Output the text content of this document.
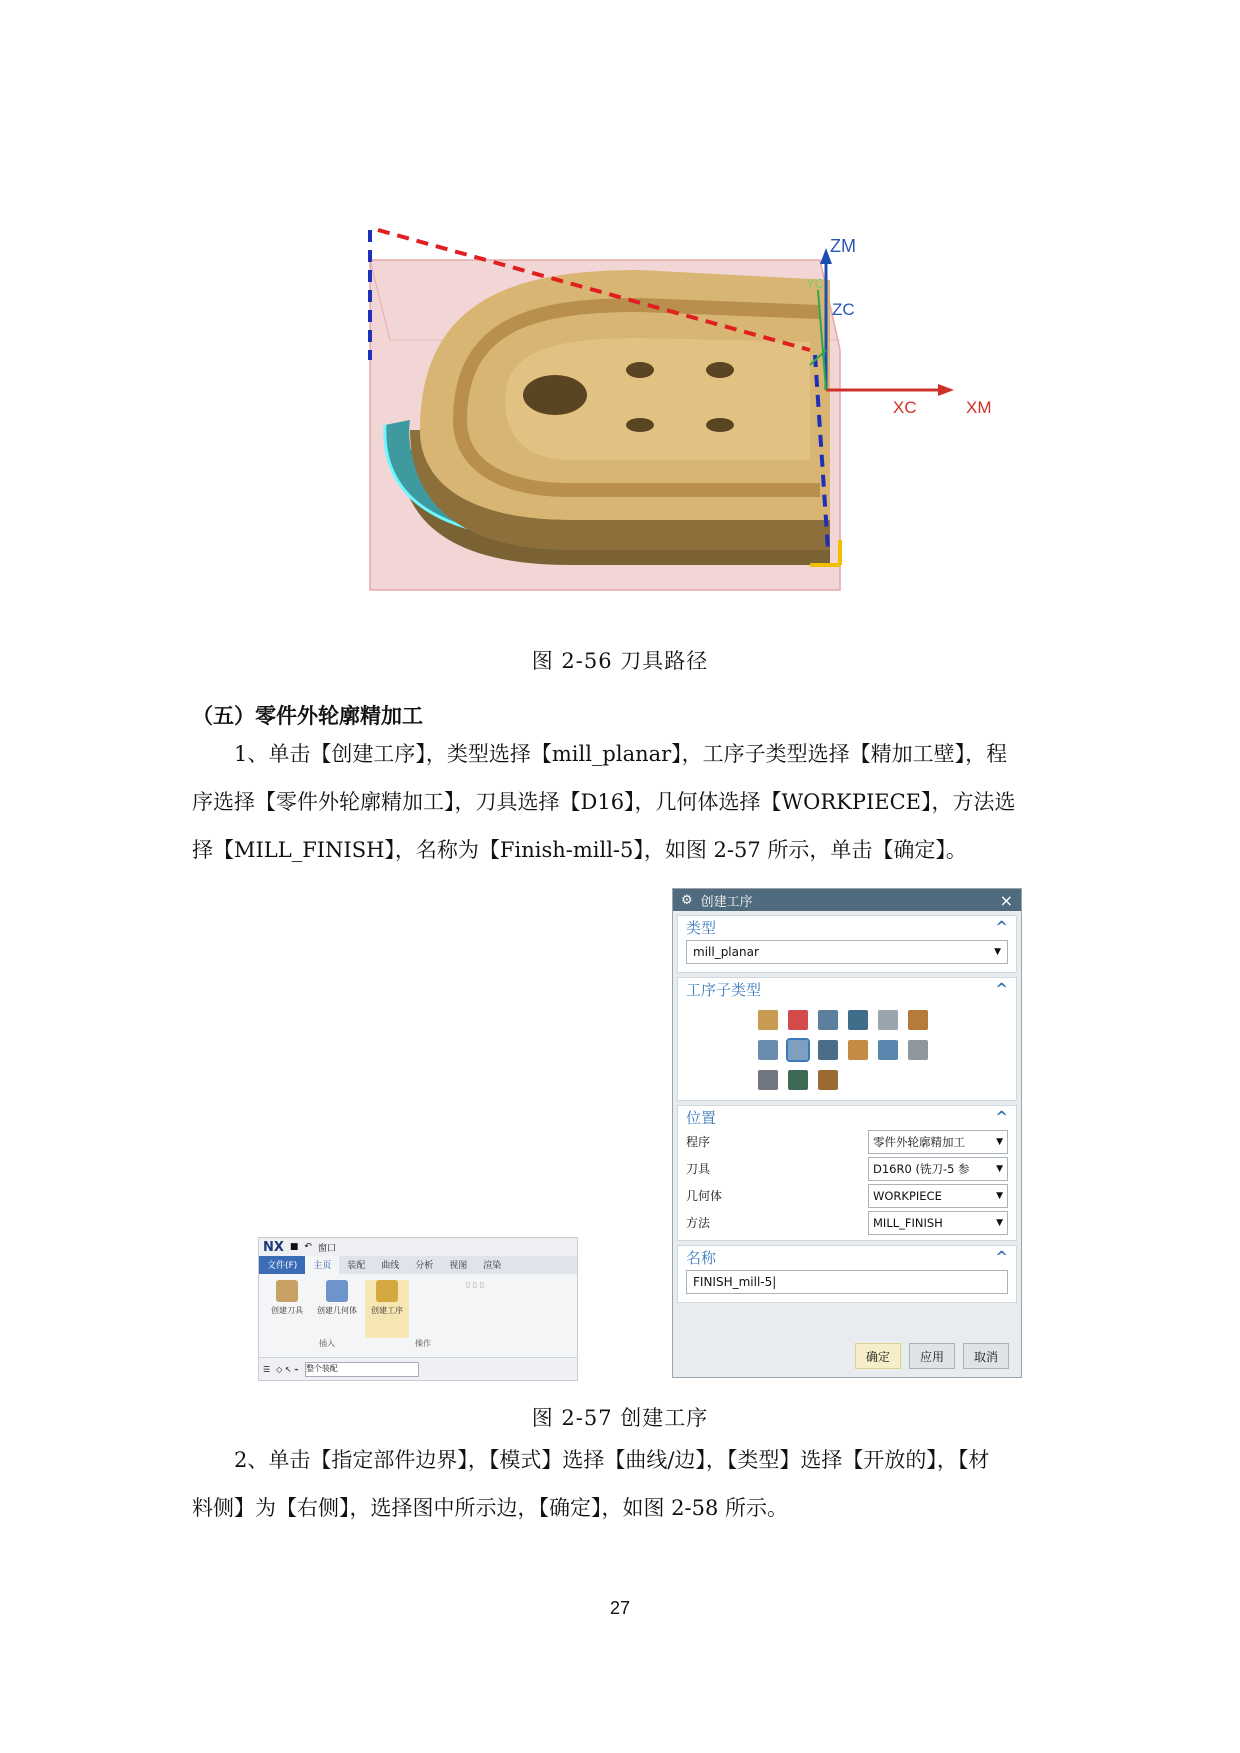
ZM
YC
ZC
XC	XM
图 2-56 刀具路径
（五）零件外轮廓精加工

1、单击【创建工序】，类型选择【mill_planar】，工序子类型选择【精加工壁】，程

序选择【零件外轮廓精加工】，刀具选择【D16】，几何体选择【WORKPIECE】，方法选

择【MILL_FINISH】，名称为【Finish-mill-5】，如图 2-57 所示，单击【确定】。

NX ■ ↶ 窗口
文件(F)	主页	装配	曲线	分析	视图	渲染
创建刀具	创建几何体	创建工序
▯ ▯ ▯
插入	操作
☰ ◇ ↖ ⌁ 整个装配
⚙ 创建工序	×
类型	^
mill_planar	▼
工序子类型	^
位置	^
程序	零件外轮廓精加工	▼
刀具	D16R0 (铣刀-5 参	▼
几何体	WORKPIECE	▼
方法	MILL_FINISH	▼
名称	^
FINISH_mill-5 |
确定	应用	取消
图 2-57 创建工序

2、单击【指定部件边界】，【模式】选择【曲线/边】，【类型】选择【开放的】，【材

料侧】为【右侧】，选择图中所示边，【确定】，如图 2-58 所示。

27
